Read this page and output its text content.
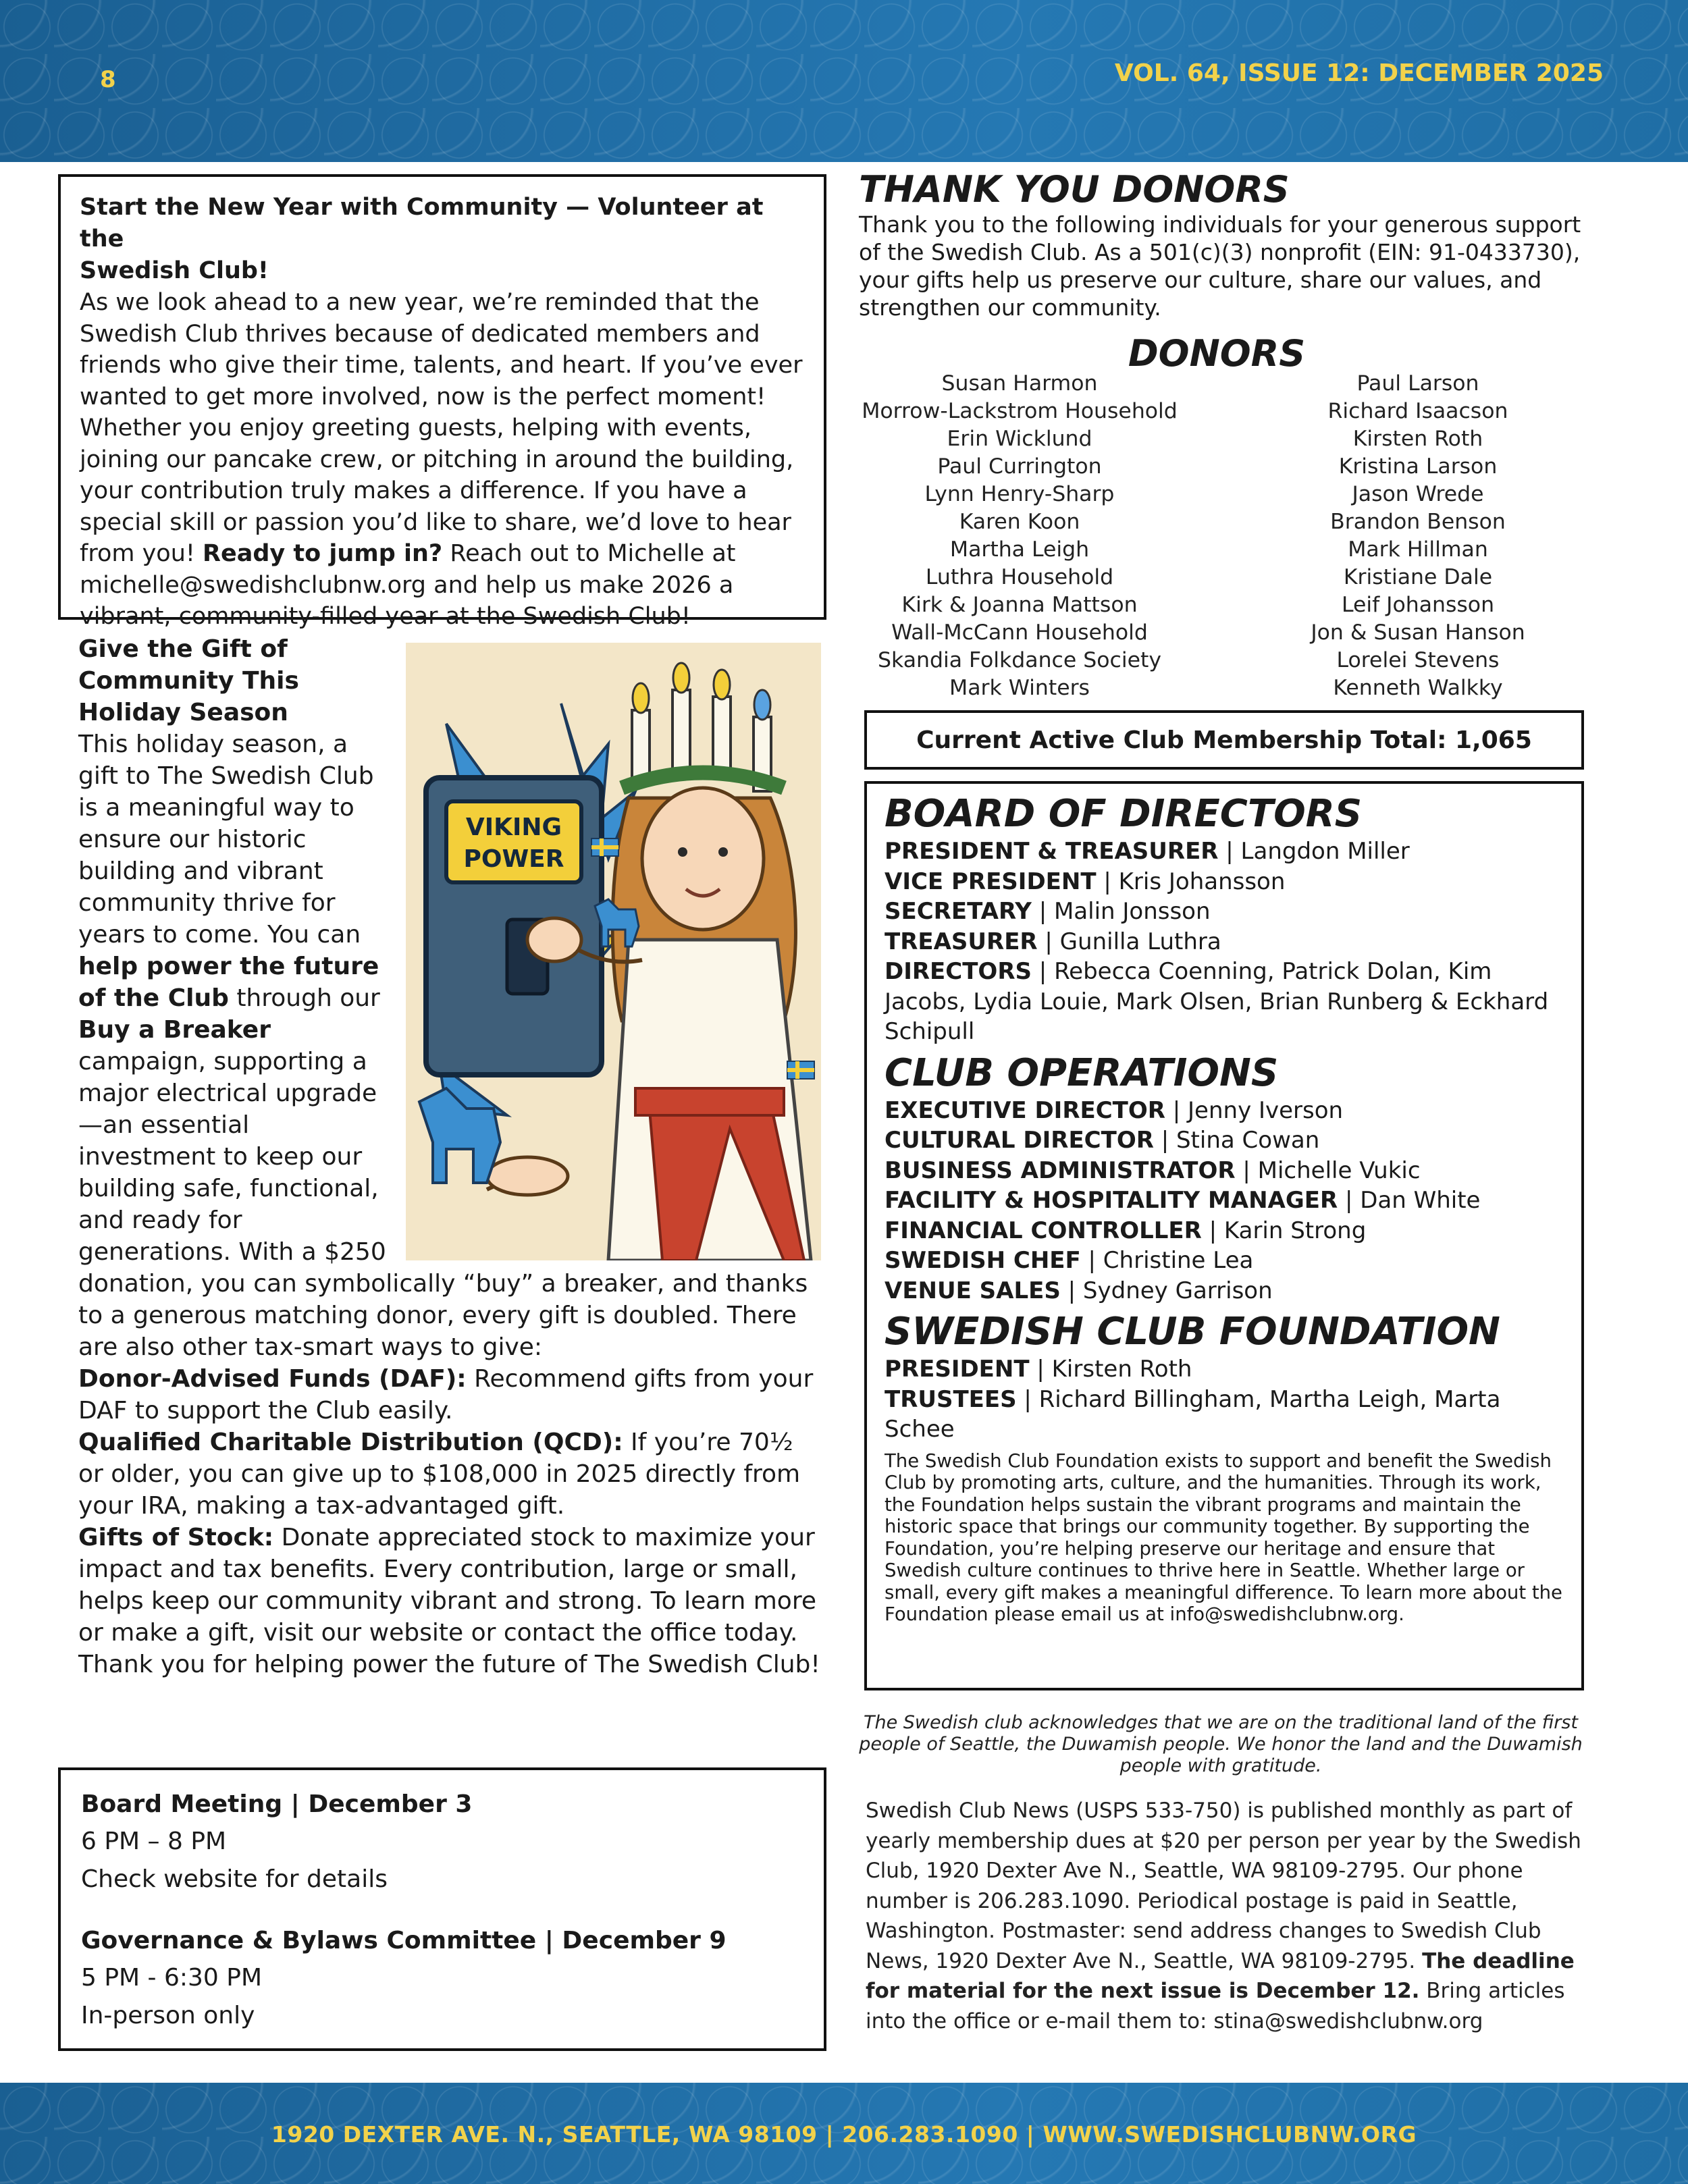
8	VOL. 64, ISSUE 12: DECEMBER 2025
Start the New Year with Community — Volunteer at the
Swedish Club!

As we look ahead to a new year, we’re reminded that the Swedish Club thrives because of dedicated members and friends who give their time, talents, and heart. If you’ve ever wanted to get more involved, now is the perfect moment! Whether you enjoy greeting guests, helping with events, joining our pancake crew, or pitching in around the building, your contribution truly makes a difference. If you have a special skill or passion you’d like to share, we’d love to hear from you! Ready to jump in? Reach out to Michelle at michelle@swedishclubnw.org and help us make 2026 a vibrant, community-filled year at the Swedish Club!

VIKING
POWER
Give the Gift of Community This Holiday Season

This holiday season, a gift to The Swedish Club is a meaningful way to ensure our historic building and vibrant community thrive for years to come. You can help power the future of the Club through our Buy a Breaker campaign, supporting a major electrical upgrade—an essential investment to keep our building safe, functional, and ready for generations. With a $250 donation, you can symbolically “buy” a breaker, and thanks to a generous matching donor, every gift is doubled. There are also other tax-smart ways to give:

Donor-Advised Funds (DAF): Recommend gifts from your DAF to support the Club easily.

Qualified Charitable Distribution (QCD): If you’re 70½ or older, you can give up to $108,000 in 2025 directly from your IRA, making a tax-advantaged gift.

Gifts of Stock: Donate appreciated stock to maximize your impact and tax benefits. Every contribution, large or small, helps keep our community vibrant and strong. To learn more or make a gift, visit our website or contact the office today. Thank you for helping power the future of The Swedish Club!

Board Meeting | December 3
6 PM – 8 PM
Check website for details
Governance & Bylaws Committee | December 9
5 PM - 6:30 PM
In-person only
THANK YOU DONORS

Thank you to the following individuals for your generous support of the Swedish Club. As a 501(c)(3) nonprofit (EIN: 91-0433730), your gifts help us preserve our culture, share our values, and strengthen our community.

DONORS
Susan Harmon
Morrow-Lackstrom Household
Erin Wicklund
Paul Currington
Lynn Henry-Sharp
Karen Koon
Martha Leigh
Luthra Household
Kirk & Joanna Mattson
Wall-McCann Household
Skandia Folkdance Society
Mark Winters
Paul Larson
Richard Isaacson
Kirsten Roth
Kristina Larson
Jason Wrede
Brandon Benson
Mark Hillman
Kristiane Dale
Leif Johansson
Jon & Susan Hanson
Lorelei Stevens
Kenneth Walkky
Current Active Club Membership Total: 1,065
BOARD OF DIRECTORS
PRESIDENT & TREASURER | Langdon Miller
VICE PRESIDENT | Kris Johansson
SECRETARY | Malin Jonsson
TREASURER | Gunilla Luthra
DIRECTORS | Rebecca Coenning, Patrick Dolan, Kim Jacobs, Lydia Louie, Mark Olsen, Brian Runberg & Eckhard Schipull
CLUB OPERATIONS
EXECUTIVE DIRECTOR | Jenny Iverson
CULTURAL DIRECTOR | Stina Cowan
BUSINESS ADMINISTRATOR | Michelle Vukic
FACILITY & HOSPITALITY MANAGER | Dan White
FINANCIAL CONTROLLER | Karin Strong
SWEDISH CHEF | Christine Lea
VENUE SALES | Sydney Garrison
SWEDISH CLUB FOUNDATION
PRESIDENT | Kirsten Roth
TRUSTEES | Richard Billingham, Martha Leigh, Marta Schee

The Swedish Club Foundation exists to support and benefit the Swedish Club by promoting arts, culture, and the humanities. Through its work, the Foundation helps sustain the vibrant programs and maintain the historic space that brings our community together. By supporting the Foundation, you’re helping preserve our heritage and ensure that Swedish culture continues to thrive here in Seattle. Whether large or small, every gift makes a meaningful difference. To learn more about the Foundation please email us at info@swedishclubnw.org.

The Swedish club acknowledges that we are on the traditional land of the first people of Seattle, the Duwamish people. We honor the land and the Duwamish people with gratitude.

Swedish Club News (USPS 533-750) is published monthly as part of yearly membership dues at $20 per person per year by the Swedish Club, 1920 Dexter Ave N., Seattle, WA 98109-2795. Our phone number is 206.283.1090. Periodical postage is paid in Seattle, Washington. Postmaster: send address changes to Swedish Club News, 1920 Dexter Ave N., Seattle, WA 98109-2795. The deadline for material for the next issue is December 12. Bring articles into the office or e-mail them to: stina@swedishclubnw.org

1920 DEXTER AVE. N., SEATTLE, WA 98109 | 206.283.1090 | WWW.SWEDISHCLUBNW.ORG
